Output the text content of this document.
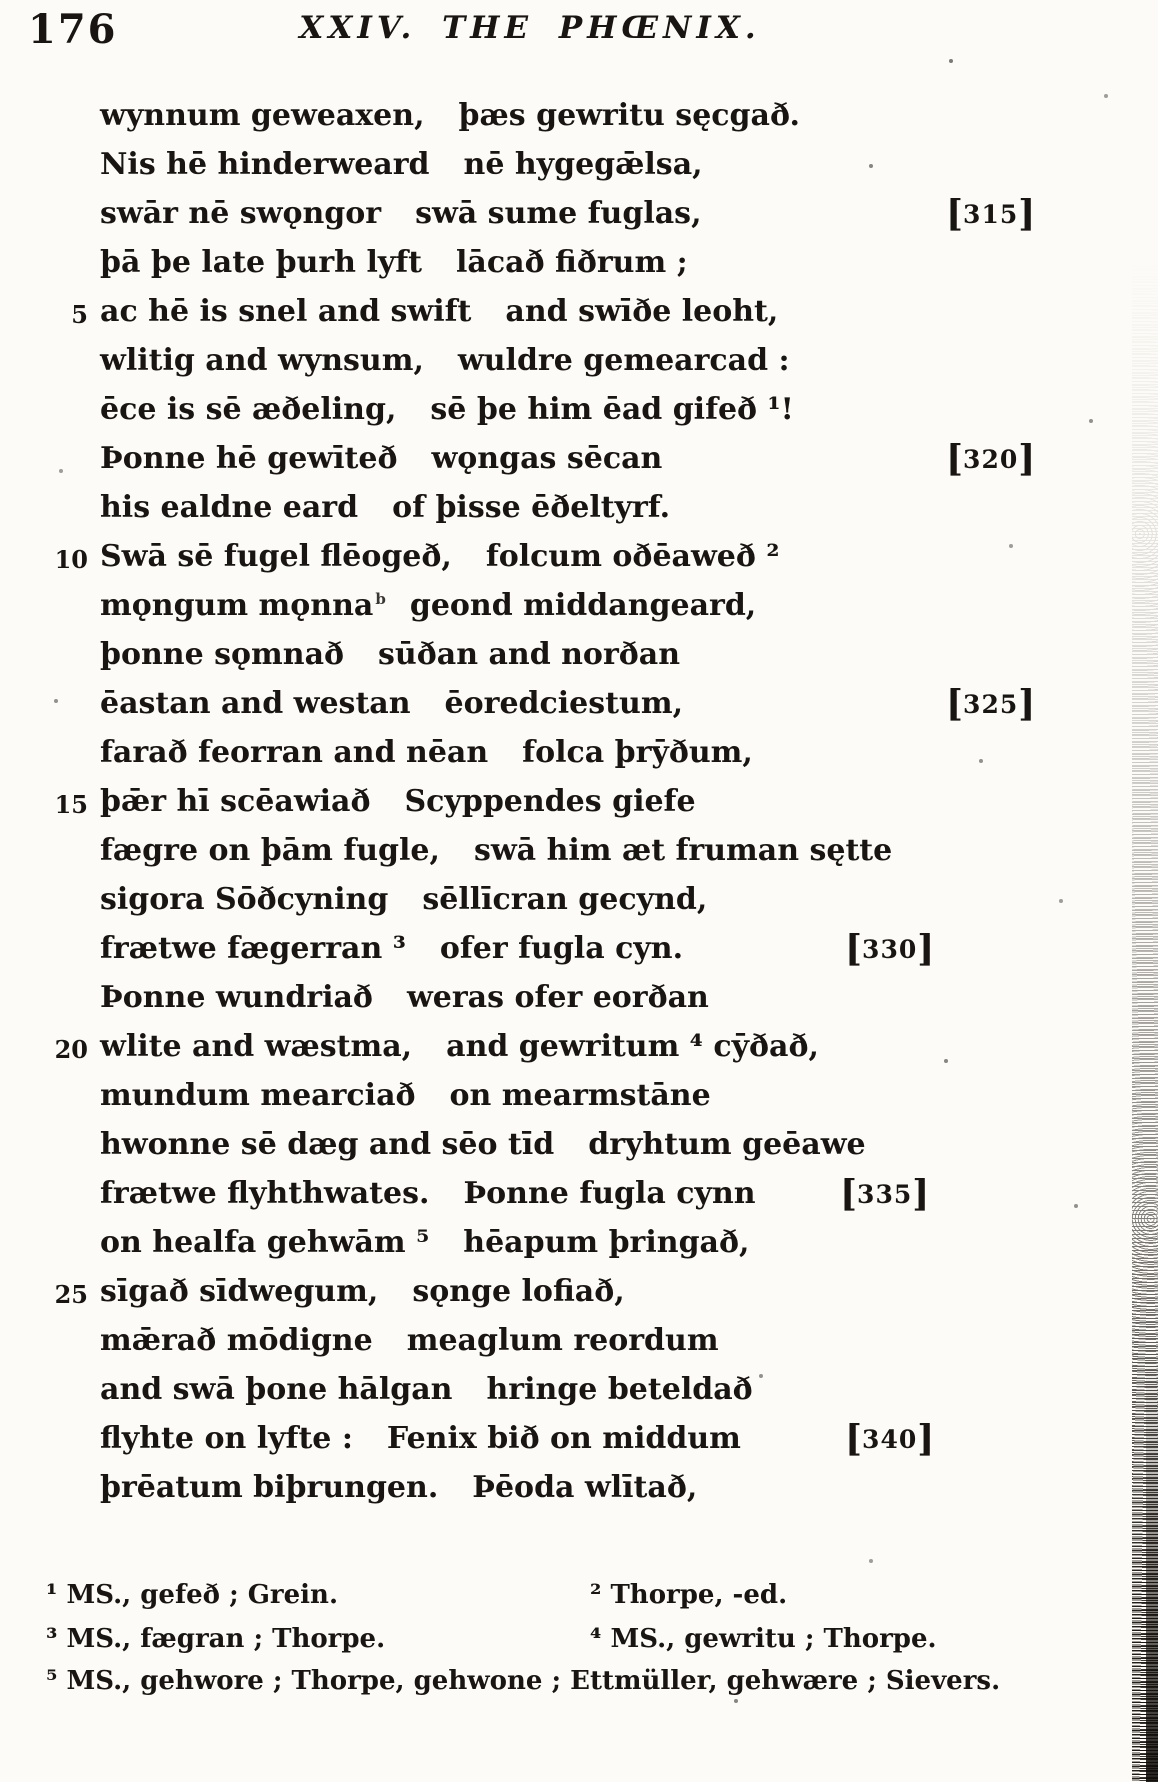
176	XXIV. THE PHŒNIX.
wynnum geweaxen, þæs gewritu sęcgað.
Nis hē hinderweard nē hygegǣlsa,
swār nē swǫngor swā sume fuglas,	[315]
þā þe late þurh lyft lācað fiðrum ;
5 ac hē is snel and swift and swīðe leoht,
wlitig and wynsum, wuldre gemearcad :
ēce is sē æðeling, sē þe him ēad gifeð ¹!
Þonne hē gewīteð wǫngas sēcan	[320]
his ealdne eard of þisse ēðeltyrf.
10 Swā sē fugel flēogeð, folcum oðēaweð ²
mǫngum mǫnna $^b$ geond middangeard,
þonne sǫmnað sūðan and norðan
ēastan and westan ēoredciestum,	[325]
farað feorran and nēan folca þrȳðum,
15 þǣr hī scēawiað Scyppendes giefe
fægre on þām fugle, swā him æt fruman sętte
sigora Sōðcyning sēllīcran gecynd,
frætwe fægerran ³ ofer fugla cyn.	[330]
Þonne wundriað weras ofer eorðan
20 wlite and wæstma, and gewritum ⁴ cȳðað,
mundum mearciað on mearmstāne
hwonne sē dæg and sēo tīd dryhtum geēawe
frætwe flyhthwates. Þonne fugla cynn [335]
on healfa gehwām ⁵ hēapum þringað,
25 sīgað sīdwegum, sǫnge lofiað,
mǣrað mōdigne meaglum reordum
and swā þone hālgan hringe beteldað
flyhte on lyfte : Fenix bið on middum	[340]
þrēatum biþrungen. Þēoda wlītað,
¹ MS., gefeð ; Grein.	² Thorpe, -ed.
³ MS., fægran ; Thorpe.	⁴ MS., gewritu ; Thorpe.
⁵ MS., gehwore ; Thorpe, gehwone ; Ettmüller, gehwære ; Sievers.
